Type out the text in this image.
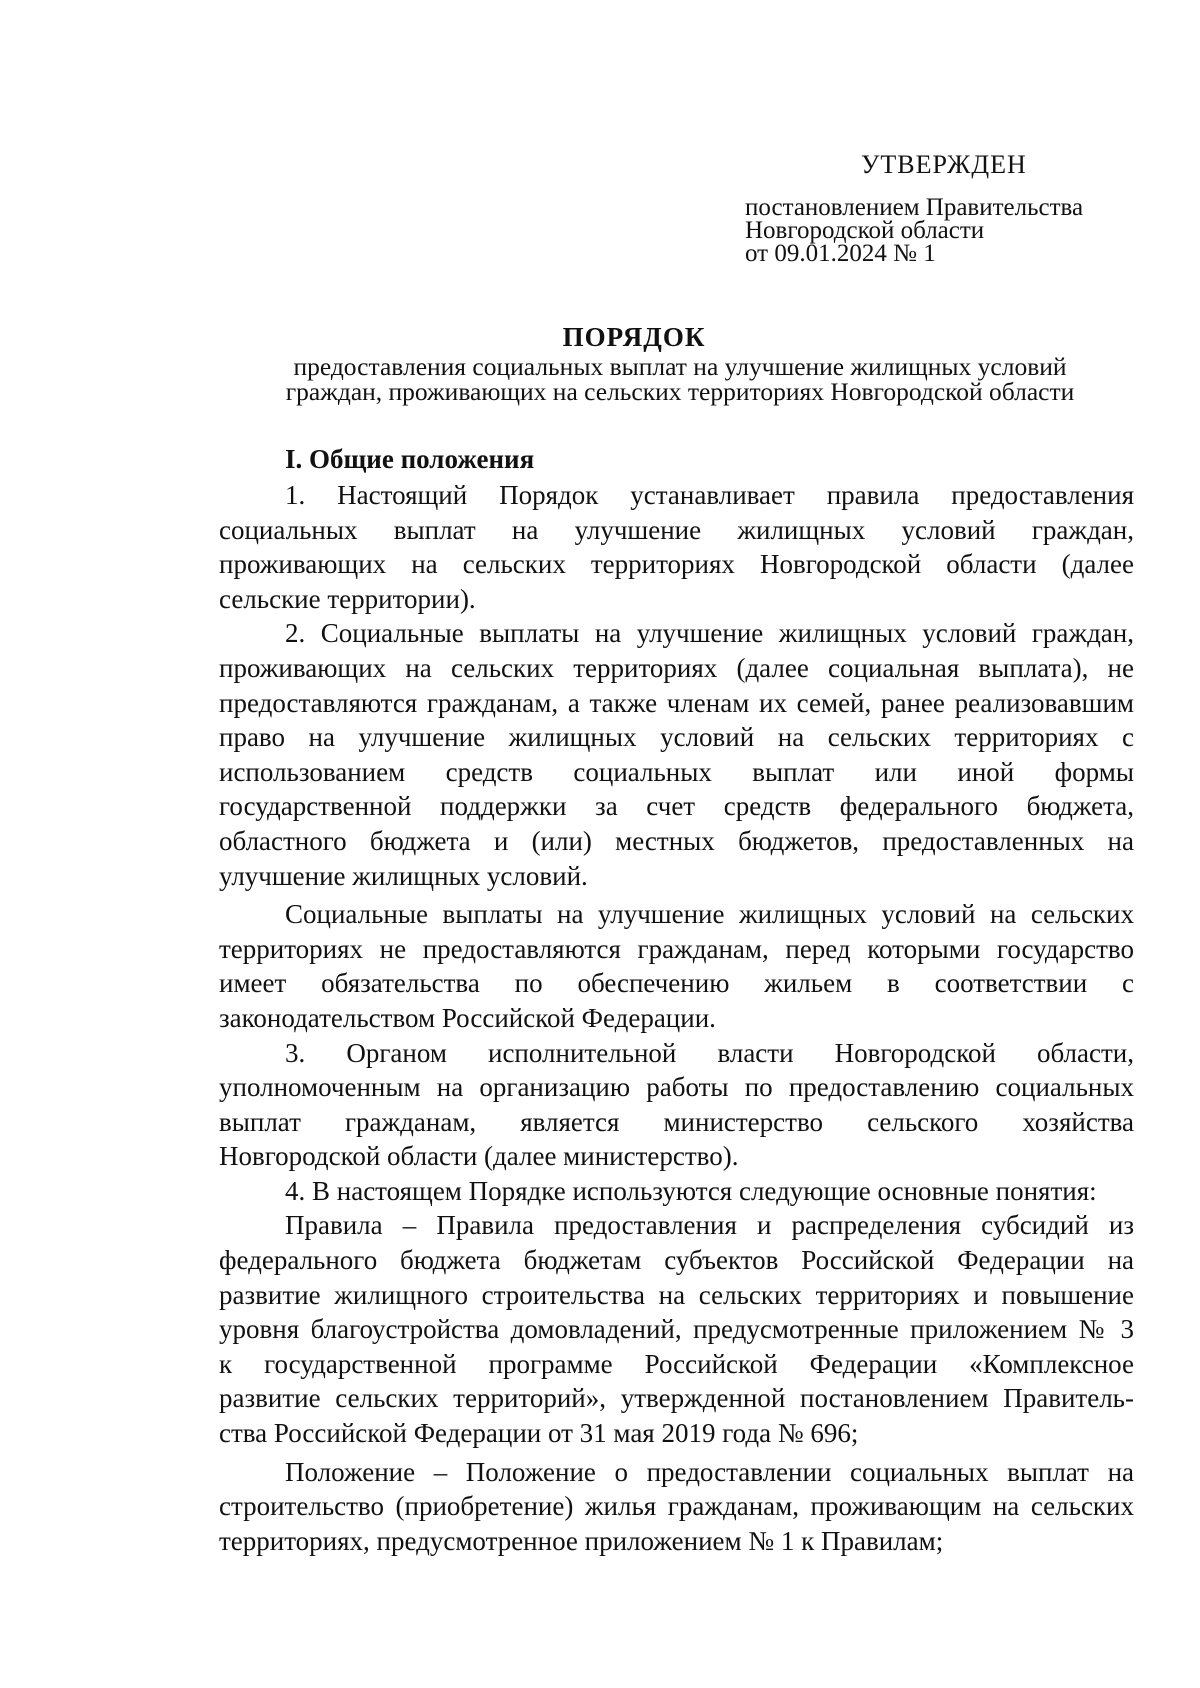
УТВЕРЖДЕН
постановлением Правительства
Новгородской области
от 09.01.2024 № 1
ПОРЯДОК
предоставления социальных выплат на улучшение жилищных условий
граждан, проживающих на сельских территориях Новгородской области
I. Общие положения
1. Настоящий Порядок устанавливает правила предоставления
социальных выплат на улучшение жилищных условий граждан,
проживающих на сельских территориях Новгородской области (далее
сельские территории).
2. Социальные выплаты на улучшение жилищных условий граждан,
проживающих на сельских территориях (далее социальная выплата), не
предоставляются гражданам, а также членам их семей, ранее реализовавшим
право на улучшение жилищных условий на сельских территориях с
использованием средств социальных выплат или иной формы
государственной поддержки за счет средств федерального бюджета,
областного бюджета и (или) местных бюджетов, предоставленных на
улучшение жилищных условий.
Социальные выплаты на улучшение жилищных условий на сельских
территориях не предоставляются гражданам, перед которыми государство
имеет обязательства по обеспечению жильем в соответствии с
законодательством Российской Федерации.
3. Органом исполнительной власти Новгородской области,
уполномоченным на организацию работы по предоставлению социальных
выплат гражданам, является министерство сельского хозяйства
Новгородской области (далее министерство).
4. В настоящем Порядке используются следующие основные понятия:
Правила – Правила предоставления и распределения субсидий из
федерального бюджета бюджетам субъектов Российской Федерации на
развитие жилищного строительства на сельских территориях и повышение
уровня благоустройства домовладений, предусмотренные приложением № 3
к государственной программе Российской Федерации «Комплексное
развитие сельских территорий», утвержденной постановлением Правитель-
ства Российской Федерации от 31 мая 2019 года № 696;
Положение – Положение о предоставлении социальных выплат на
строительство (приобретение) жилья гражданам, проживающим на сельских
территориях, предусмотренное приложением № 1 к Правилам;
